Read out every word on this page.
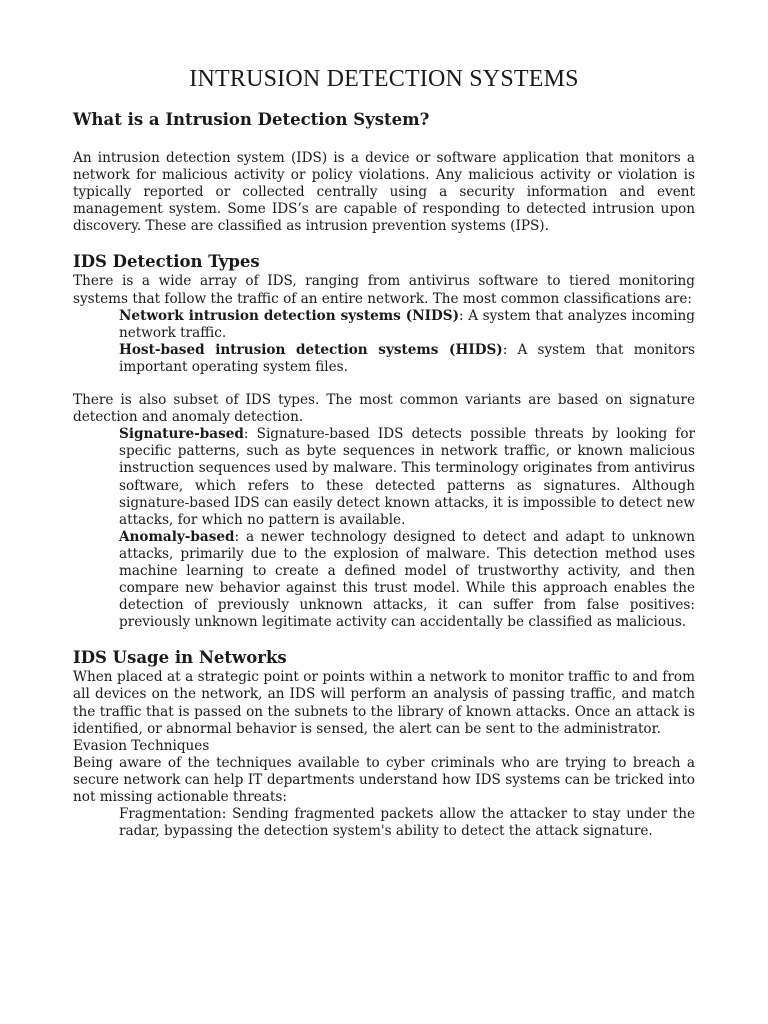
INTRUSION DETECTION SYSTEMS
What is a Intrusion Detection System?

An intrusion detection system (IDS) is a device or software application that monitors a network for malicious activity or policy violations. Any malicious activity or violation is typically reported or collected centrally using a security information and event management system. Some IDS’s are capable of responding to detected intrusion upon discovery. These are classified as intrusion prevention systems (IPS).

IDS Detection Types

There is a wide array of IDS, ranging from antivirus software to tiered monitoring systems that follow the traffic of an entire network. The most common classifications are:

Network intrusion detection systems (NIDS): A system that analyzes incoming network traffic.
Host-based intrusion detection systems (HIDS): A system that monitors important operating system files.

There is also subset of IDS types. The most common variants are based on signature detection and anomaly detection.

Signature-based: Signature-based IDS detects possible threats by looking for specific patterns, such as byte sequences in network traffic, or known malicious instruction sequences used by malware. This terminology originates from antivirus software, which refers to these detected patterns as signatures. Although signature-based IDS can easily detect known attacks, it is impossible to detect new attacks, for which no pattern is available.
Anomaly-based: a newer technology designed to detect and adapt to unknown attacks, primarily due to the explosion of malware. This detection method uses machine learning to create a defined model of trustworthy activity, and then compare new behavior against this trust model. While this approach enables the detection of previously unknown attacks, it can suffer from false positives: previously unknown legitimate activity can accidentally be classified as malicious.
IDS Usage in Networks

When placed at a strategic point or points within a network to monitor traffic to and from all devices on the network, an IDS will perform an analysis of passing traffic, and match the traffic that is passed on the subnets to the library of known attacks. Once an attack is identified, or abnormal behavior is sensed, the alert can be sent to the administrator.

Evasion Techniques

Being aware of the techniques available to cyber criminals who are trying to breach a secure network can help IT departments understand how IDS systems can be tricked into not missing actionable threats:

Fragmentation: Sending fragmented packets allow the attacker to stay under the radar, bypassing the detection system's ability to detect the attack signature.
